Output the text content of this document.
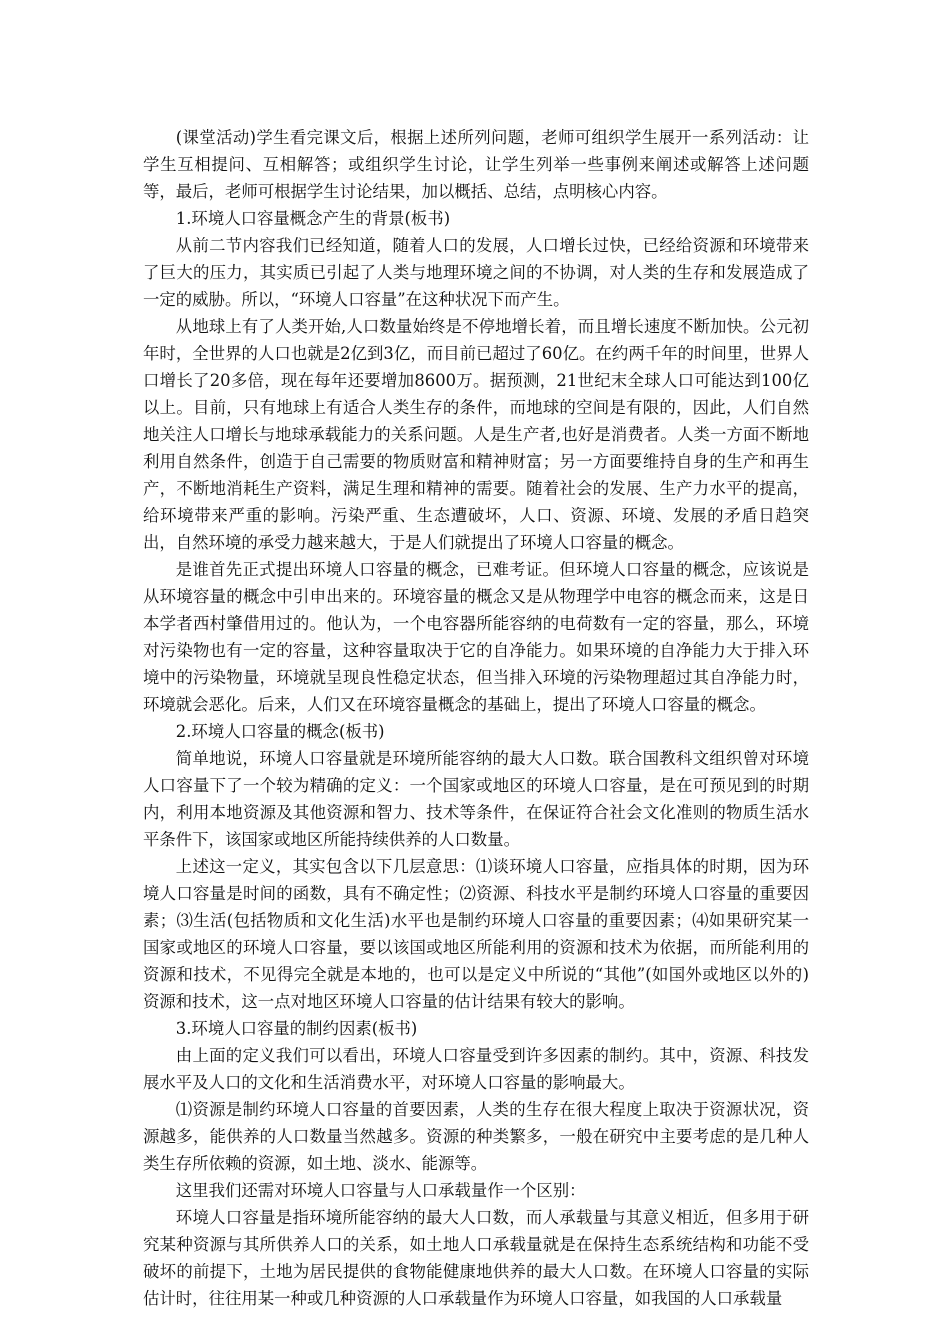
(课堂活动)学生看完课文后，根据上述所列问题，老师可组织学生展开一系列活动：让学生互相提问、互相解答；或组织学生讨论，让学生列举一些事例来阐述或解答上述问题等，最后，老师可根据学生讨论结果，加以概括、总结，点明核心内容。

1.环境人口容量概念产生的背景(板书)

从前二节内容我们已经知道，随着人口的发展，人口增长过快，已经给资源和环境带来了巨大的压力，其实质已引起了人类与地理环境之间的不协调，对人类的生存和发展造成了一定的威胁。所以，“环境人口容量”在这种状况下而产生。

从地球上有了人类开始,人口数量始终是不停地增长着，而且增长速度不断加快。公元初年时，全世界的人口也就是2亿到3亿，而目前已超过了60亿。在约两千年的时间里，世界人口增长了20多倍，现在每年还要增加8600万。据预测，21世纪末全球人口可能达到100亿以上。目前，只有地球上有适合人类生存的条件，而地球的空间是有限的，因此，人们自然地关注人口增长与地球承载能力的关系问题。人是生产者,也好是消费者。人类一方面不断地利用自然条件，创造于自己需要的物质财富和精神财富；另一方面要维持自身的生产和再生产，不断地消耗生产资料，满足生理和精神的需要。随着社会的发展、生产力水平的提高，给环境带来严重的影响。污染严重、生态遭破坏，人口、资源、环境、发展的矛盾日趋突出，自然环境的承受力越来越大，于是人们就提出了环境人口容量的概念。

是谁首先正式提出环境人口容量的概念，已难考证。但环境人口容量的概念，应该说是从环境容量的概念中引申出来的。环境容量的概念又是从物理学中电容的概念而来，这是日本学者西村肇借用过的。他认为，一个电容器所能容纳的电荷数有一定的容量，那么，环境对污染物也有一定的容量，这种容量取决于它的自净能力。如果环境的自净能力大于排入环境中的污染物量，环境就呈现良性稳定状态，但当排入环境的污染物理超过其自净能力时，环境就会恶化。后来，人们又在环境容量概念的基础上，提出了环境人口容量的概念。

2.环境人口容量的概念(板书)

简单地说，环境人口容量就是环境所能容纳的最大人口数。联合国教科文组织曾对环境人口容量下了一个较为精确的定义：一个国家或地区的环境人口容量，是在可预见到的时期内，利用本地资源及其他资源和智力、技术等条件，在保证符合社会文化准则的物质生活水平条件下，该国家或地区所能持续供养的人口数量。

上述这一定义，其实包含以下几层意思：⑴谈环境人口容量，应指具体的时期，因为环境人口容量是时间的函数，具有不确定性；⑵资源、科技水平是制约环境人口容量的重要因素；⑶生活(包括物质和文化生活)水平也是制约环境人口容量的重要因素；⑷如果研究某一国家或地区的环境人口容量，要以该国或地区所能利用的资源和技术为依据，而所能利用的资源和技术，不见得完全就是本地的，也可以是定义中所说的“其他”(如国外或地区以外的)资源和技术，这一点对地区环境人口容量的估计结果有较大的影响。

3.环境人口容量的制约因素(板书)

由上面的定义我们可以看出，环境人口容量受到许多因素的制约。其中，资源、科技发展水平及人口的文化和生活消费水平，对环境人口容量的影响最大。

⑴资源是制约环境人口容量的首要因素，人类的生存在很大程度上取决于资源状况，资源越多，能供养的人口数量当然越多。资源的种类繁多，一般在研究中主要考虑的是几种人类生存所依赖的资源，如土地、淡水、能源等。

这里我们还需对环境人口容量与人口承载量作一个区别：

环境人口容量是指环境所能容纳的最大人口数，而人承载量与其意义相近，但多用于研究某种资源与其所供养人口的关系，如土地人口承载量就是在保持生态系统结构和功能不受破坏的前提下，土地为居民提供的食物能健康地供养的最大人口数。在环境人口容量的实际估计时，往往用某一种或几种资源的人口承载量作为环境人口容量，如我国的人口承载量
